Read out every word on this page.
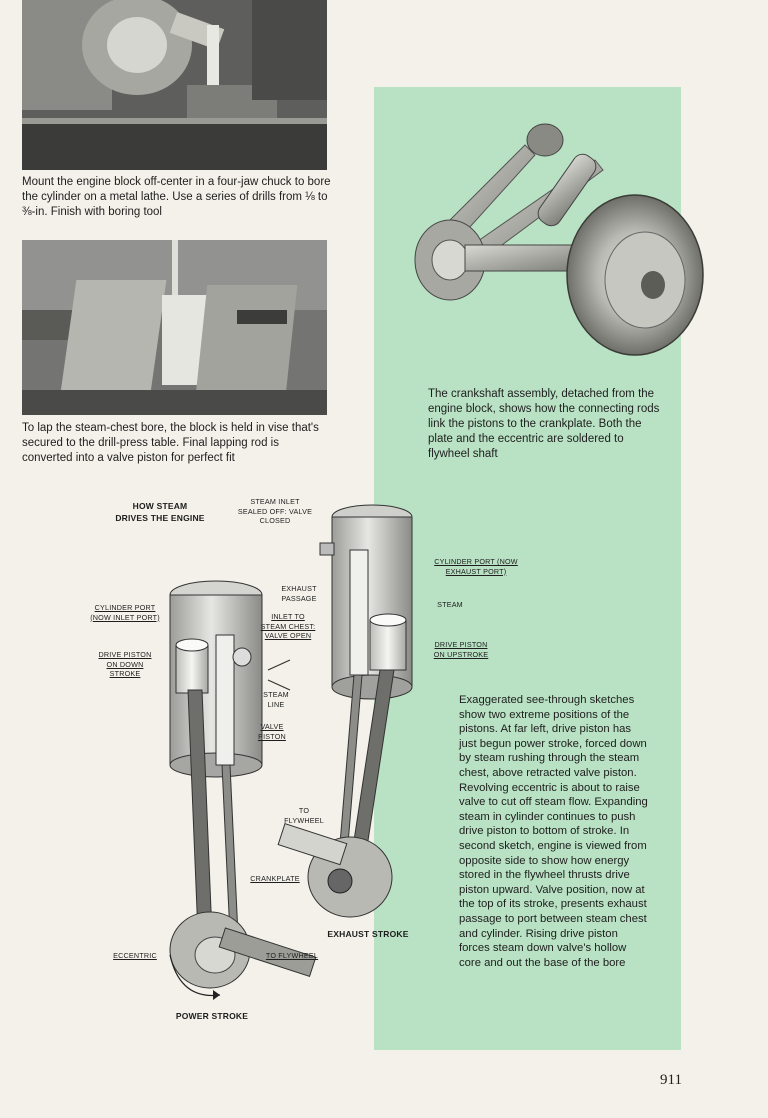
Mount the engine block off-center in a four-jaw chuck to bore the cylinder on a metal lathe. Use a series of drills from ⅛ to ⅜-in. Finish with boring tool

To lap the steam-chest bore, the block is held in vise that's secured to the drill-press table. Final lapping rod is converted into a valve piston for perfect fit

The crankshaft assembly, detached from the engine block, shows how the connecting rods link the pistons to the crankplate. Both the plate and the eccentric are soldered to flywheel shaft

HOW STEAM DRIVES THE ENGINE
STEAM INLET SEALED OFF: VALVE CLOSED
CYLINDER PORT (NOW EXHAUST PORT)
EXHAUST PASSAGE
STEAM
CYLINDER PORT (NOW INLET PORT)	INLET TO STEAM CHEST: VALVE OPEN
DRIVE PISTON ON DOWN STROKE
DRIVE PISTON ON UPSTROKE
STEAM LINE
VALVE PISTON
TO FLYWHEEL
CRANKPLATE
EXHAUST STROKE
ECCENTRIC	TO FLYWHEEL
POWER STROKE
Exaggerated see-through sketches show two extreme positions of the pistons. At far left, drive piston has just begun power stroke, forced down by steam rushing through the steam chest, above retracted valve piston. Revolving eccentric is about to raise valve to cut off steam flow. Expanding steam in cylinder continues to push drive piston to bottom of stroke. In second sketch, engine is viewed from opposite side to show how energy stored in the flywheel thrusts drive piston upward. Valve position, now at the top of its stroke, presents exhaust passage to port between steam chest and cylinder. Rising drive piston forces steam down valve's hollow core and out the base of the bore
911
